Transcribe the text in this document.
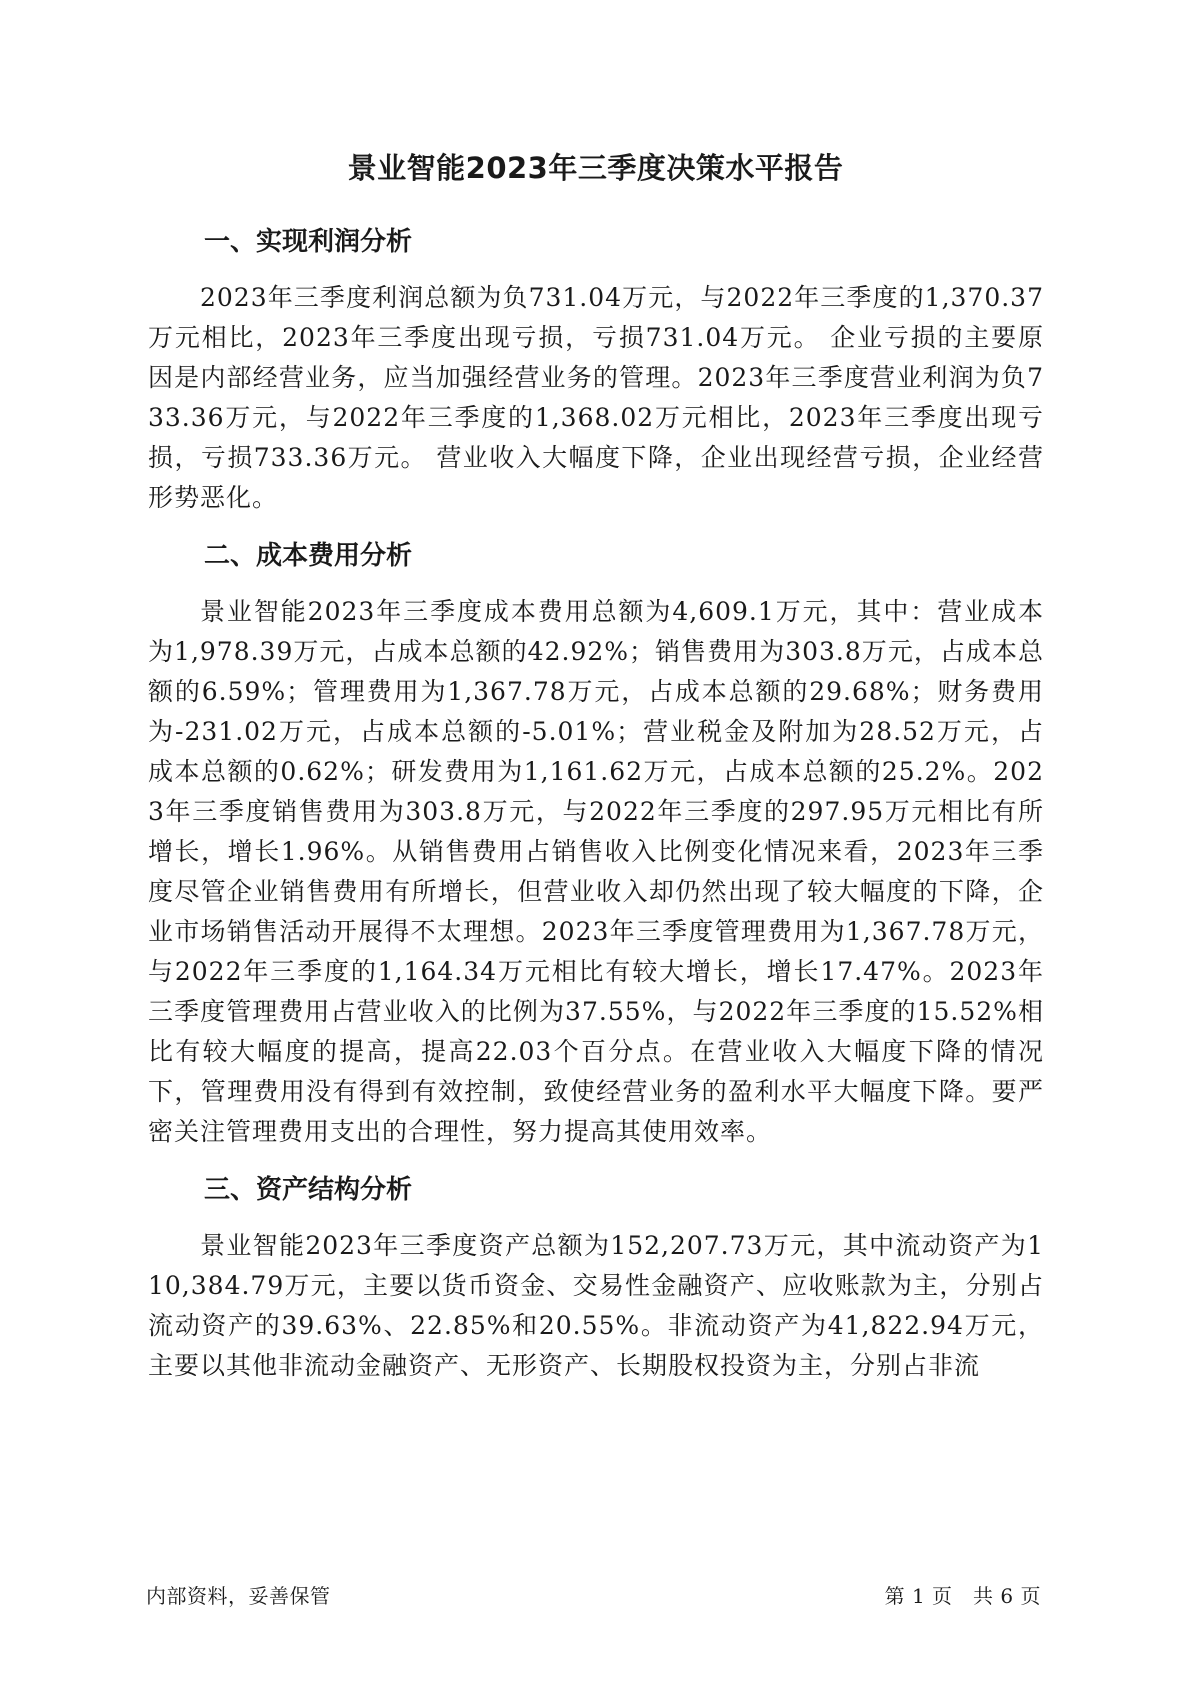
景业智能2023年三季度决策水平报告
一、实现利润分析

2023年三季度利润总额为负731.04万元，与2022年三季度的1,370.37万元相比，2023年三季度出现亏损，亏损731.04万元。 企业亏损的主要原因是内部经营业务，应当加强经营业务的管理。2023年三季度营业利润为负733.36万元，与2022年三季度的1,368.02万元相比，2023年三季度出现亏损，亏损733.36万元。 营业收入大幅度下降，企业出现经营亏损，企业经营形势恶化。

二、成本费用分析

景业智能2023年三季度成本费用总额为4,609.1万元，其中：营业成本为1,978.39万元，占成本总额的42.92%；销售费用为303.8万元，占成本总额的6.59%；管理费用为1,367.78万元，占成本总额的29.68%；财务费用为-231.02万元，占成本总额的-5.01%；营业税金及附加为28.52万元，占成本总额的0.62%；研发费用为1,161.62万元，占成本总额的25.2%。2023年三季度销售费用为303.8万元，与2022年三季度的297.95万元相比有所增长，增长1.96%。从销售费用占销售收入比例变化情况来看，2023年三季度尽管企业销售费用有所增长，但营业收入却仍然出现了较大幅度的下降，企业市场销售活动开展得不太理想。2023年三季度管理费用为1,367.78万元，与2022年三季度的1,164.34万元相比有较大增长，增长17.47%。2023年三季度管理费用占营业收入的比例为37.55%，与2022年三季度的15.52%相比有较大幅度的提高，提高22.03个百分点。在营业收入大幅度下降的情况下，管理费用没有得到有效控制，致使经营业务的盈利水平大幅度下降。要严密关注管理费用支出的合理性，努力提高其使用效率。

三、资产结构分析

景业智能2023年三季度资产总额为152,207.73万元，其中流动资产为110,384.79万元，主要以货币资金、交易性金融资产、应收账款为主，分别占流动资产的39.63%、22.85%和20.55%。非流动资产为41,822.94万元，主要以其他非流动金融资产、无形资产、长期股权投资为主，分别占非流

内部资料，妥善保管	第 1 页　共 6 页
